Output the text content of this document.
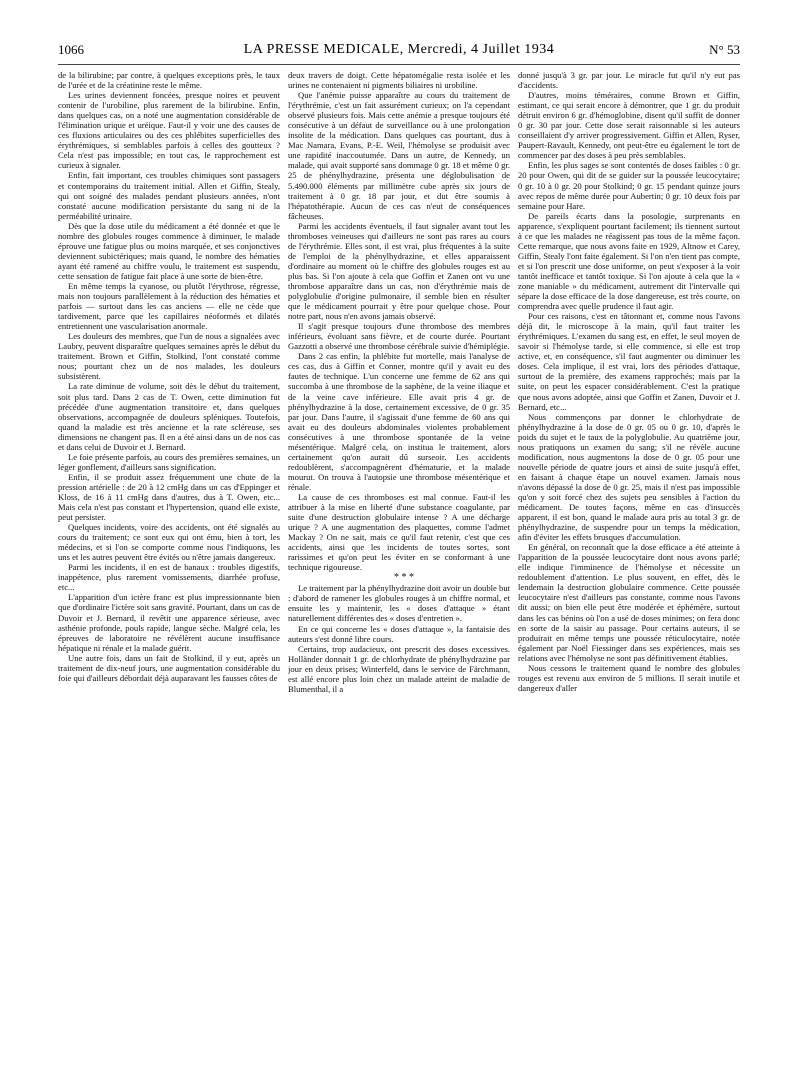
1066	LA PRESSE MEDICALE, Mercredi, 4 Juillet 1934	N° 53

de la bilirubine; par contre, à quelques exceptions près, le taux de l'urée et de la créatinine reste le même.

Les urines deviennent foncées, presque noires et peuvent contenir de l'urobiline, plus rarement de la bilirubine. Enfin, dans quelques cas, on a noté une augmentation considérable de l'élimination urique et uréique. Faut-il y voir une des causes de ces fluxions articulaires ou des ces phlébites superficielles des érythrémiques, si semblables parfois à celles des goutteux ? Cela n'est pas impossible; en tout cas, le rapprochement est curieux à signaler.

Enfin, fait important, ces troubles chimiques sont passagers et contemporains du traitement initial. Allen et Giffin, Stealy, qui ont soigné des malades pendant plusieurs années, n'ont constaté aucune modification persistante du sang ni de la perméabilité urinaire.

Dès que la dose utile du médicament a été donnée et que le nombre des globules rouges commence à diminuer, le malade éprouve une fatigue plus ou moins marquée, et ses conjonctives deviennent subictériques; mais quand, le nombre des hématies ayant été ramené au chiffre voulu, le traitement est suspendu, cette sensation de fatigue fait place à une sorte de bien-être.

En même temps la cyanose, ou plutôt l'érythrose, régresse, mais non toujours parallèlement à la réduction des hématies et parfois — surtout dans les cas anciens — elle ne cède que tardivement, parce que les capillaires néoformés et dilatés entretiennent une vascularisation anormale.

Les douleurs des membres, que l'un de nous a signalées avec Laubry, peuvent disparaître quelques semaines après le début du traitement. Brown et Giffin, Stolkind, l'ont constaté comme nous; pourtant chez un de nos malades, les douleurs subsistèrent.

La rate diminue de volume, soit dès le début du traitement, soit plus tard. Dans 2 cas de T. Owen, cette diminution fut précédée d'une augmentation transitoire et, dans quelques observations, accompagnée de douleurs spléniques. Toutefois, quand la maladie est très ancienne et la rate scléreuse, ses dimensions ne changent pas. Il en a été ainsi dans un de nos cas et dans celui de Duvoir et J. Bernard.

Le foie présente parfois, au cours des premières semaines, un léger gonflement, d'ailleurs sans signification.

Enfin, il se produit assez fréquemment une chute de la pression artérielle : de 20 à 12 cmHg dans un cas d'Eppinger et Kloss, de 16 à 11 cmHg dans d'autres, dus à T. Owen, etc... Mais cela n'est pas constant et l'hypertension, quand elle existe, peut persister.

Quelques incidents, voire des accidents, ont été signalés au cours du traitement; ce sont eux qui ont ému, bien à tort, les médecins, et si l'on se comporte comme nous l'indiquons, les uns et les autres peuvent être évités ou n'être jamais dangereux.

Parmi les incidents, il en est de banaux : troubles digestifs, inappétence, plus rarement vomissements, diarrhée profuse, etc...

L'apparition d'un ictère franc est plus impressionnante bien que d'ordinaire l'ictère soit sans gravité. Pourtant, dans un cas de Duvoir et J. Bernard, il revêtit une apparence sérieuse, avec asthénie profonde, pouls rapide, langue sèche. Malgré cela, les épreuves de laboratoire ne révélèrent aucune insuffisance hépatique ni rénale et la malade guérit.

Une autre fois, dans un fait de Stolkind, il y eut, après un traitement de dix-neuf jours, une augmentation considérable du foie qui d'ailleurs débordait déjà auparavant les fausses côtes de

deux travers de doigt. Cette hépatomégalie resta isolée et les urines ne contenaient ni pigments biliaires ni urobiline.

Que l'anémie puisse apparaître au cours du traitement de l'érythrémie, c'est un fait assurément curieux; on l'a cependant observé plusieurs fois. Mais cette anémie a presque toujours été consécutive à un défaut de surveillance ou à une prolongation insolite de la médication. Dans quelques cas pourtant, dus à Mac Namara, Evans, P.-E. Weil, l'hémolyse se produisit avec une rapidité inaccoutumée. Dans un autre, de Kennedy, un malade, qui avait supporté sans dommage 0 gr. 18 et même 0 gr. 25 de phénylhydrazine, présenta une déglobulisation de 5.490.000 éléments par millimètre cube après six jours de traitement à 0 gr. 18 par jour, et dut être soumis à l'hépatothérapie. Aucun de ces cas n'eut de conséquences fâcheuses.

Parmi les accidents éventuels, il faut signaler avant tout les thromboses veineuses qui d'ailleurs ne sont pas rares au cours de l'érythrémie. Elles sont, il est vrai, plus fréquentes à la suite de l'emploi de la phénylhydrazine, et elles apparaissent d'ordinaire au moment où le chiffre des globules rouges est au plus bas. Si l'on ajoute à cela que Goffin et Zanen ont vu une thrombose apparaître dans un cas, non d'érythrémie mais de polyglobulie d'origine pulmonaire, il semble bien en résulter que le médicament pourrait y être pour quelque chose. Pour notre part, nous n'en avons jamais observé.

Il s'agit presque toujours d'une thrombose des membres inférieurs, évoluant sans fièvre, et de courte durée. Pourtant Gazzotti a observé une thrombose cérébrale suivie d'hémiplégie.

Dans 2 cas enfin, la phlébite fut mortelle, mais l'analyse de ces cas, dus à Giffin et Conner, montre qu'il y avait eu des fautes de technique. L'un concerne une femme de 62 ans qui succomba à une thrombose de la saphène, de la veine iliaque et de la veine cave inférieure. Elle avait pris 4 gr. de phénylhydrazine à la dose, certainement excessive, de 0 gr. 35 par jour. Dans l'autre, il s'agissait d'une femme de 60 ans qui avait eu des douleurs abdominales violentes probablement consécutives à une thrombose spontanée de la veine mésentérique. Malgré cela, on institua le traitement, alors certainement qu'on aurait dû surseoir. Les accidents redoublèrent, s'accompagnèrent d'hématurie, et la malade mourut. On trouva à l'autopsie une thrombose mésentérique et rénale.

La cause de ces thromboses est mal connue. Faut-il les attribuer à la mise en liberté d'une substance coagulante, par suite d'une destruction globulaire intense ? A une décharge urique ? A une augmentation des plaquettes, comme l'admet Mackay ? On ne sait, mais ce qu'il faut retenir, c'est que ces accidents, ainsi que les incidents de toutes sortes, sont rarissimes et qu'on peut les éviter en se conformant à une technique rigoureuse.

* * *

Le traitement par la phénylhydrazine doit avoir un double but : d'abord de ramener les globules rouges à un chiffre normal, et ensuite les y maintenir, les « doses d'attaque » étant naturellement différentes des « doses d'entretien ».

En ce qui concerne les « doses d'attaque », la fantaisie des auteurs s'est donné libre cours.

Certains, trop audacieux, ont prescrit des doses excessives. Holländer donnait 1 gr. de chlorhydrate de phénylhydrazine par jour en deux prises; Winterfeld, dans le service de Färchmann, est allé encore plus loin chez un malade atteint de maladie de Blumenthal, il a

donné jusqu'à 3 gr. par jour. Le miracle fut qu'il n'y eut pas d'accidents.

D'autres, moins téméraires, comme Brown et Giffin, estimant, ce qui serait encore à démontrer, que 1 gr. du produit détruit environ 6 gr. d'hémoglobine, disent qu'il suffit de donner 0 gr. 30 par jour. Cette dose serait raisonnable si les auteurs conseillaient d'y arriver progressivement. Giffin et Allen, Ryser, Paupert-Ravault, Kennedy, ont peut-être eu également le tort de commencer par des doses à peu près semblables.

Enfin, les plus sages se sont contentés de doses faibles : 0 gr. 20 pour Owen, qui dit de se guider sur la poussée leucocytaire; 0 gr. 10 à 0 gr. 20 pour Stolkind; 0 gr. 15 pendant quinze jours avec repos de même durée pour Aubertin; 0 gr. 10 deux fois par semaine pour Hare.

De pareils écarts dans la posologie, surprenants en apparence, s'expliquent pourtant facilement; ils tiennent surtout à ce que les malades ne réagissent pas tous de la même façon. Cette remarque, que nous avons faite en 1929, Altnow et Carey, Giffin, Stealy l'ont faite également. Si l'on n'en tient pas compte, et si l'on prescrit une dose uniforme, on peut s'exposer à la voir tantôt inefficace et tantôt toxique. Si l'on ajoute à cela que la « zone maniable » du médicament, autrement dit l'intervalle qui sépare la dose efficace de la dose dangereuse, est très courte, on comprendra avec quelle prudence il faut agir.

Pour ces raisons, c'est en tâtonnant et, comme nous l'avons déjà dit, le microscope à la main, qu'il faut traiter les érythrémiques. L'examen du sang est, en effet, le seul moyen de savoir si l'hémolyse tarde, si elle commence, si elle est trop active, et, en conséquence, s'il faut augmenter ou diminuer les doses. Cela implique, il est vrai, lors des périodes d'attaque, surtout de la première, des examens rapprochés; mais par la suite, on peut les espacer considérablement. C'est la pratique que nous avons adoptée, ainsi que Goffin et Zanen, Duvoir et J. Bernard, etc...

Nous commençons par donner le chlorhydrate de phénylhydrazine à la dose de 0 gr. 05 ou 0 gr. 10, d'après le poids du sujet et le taux de la polyglobulie. Au quatrième jour, nous pratiquons un examen du sang; s'il ne révèle aucune modification, nous augmentons la dose de 0 gr. 05 pour une nouvelle période de quatre jours et ainsi de suite jusqu'à effet, en faisant à chaque étape un nouvel examen. Jamais nous n'avons dépassé la dose de 0 gr. 25, mais il n'est pas impossible qu'on y soit forcé chez des sujets peu sensibles à l'action du médicament. De toutes façons, même en cas d'insuccès apparent, il est bon, quand le malade aura pris au total 3 gr. de phénylhydrazine, de suspendre pour un temps la médication, afin d'éviter les effets brusques d'accumulation.

En général, on reconnaît que la dose efficace a été atteinte à l'apparition de la poussée leucocytaire dont nous avons parlé; elle indique l'imminence de l'hémolyse et nécessite un redoublement d'attention. Le plus souvent, en effet, dès le lendemain la destruction globulaire commence. Cette poussée leucocytaire n'est d'ailleurs pas constante, comme nous l'avons dit aussi; on bien elle peut être modérée et éphémère, surtout dans les cas bénins où l'on a usé de doses minimes; on fera donc en sorte de la saisir au passage. Pour certains auteurs, il se produirait en même temps une poussée réticulocytaire, notée également par Noël Fiessinger dans ses expériences, mais ses relations avec l'hémolyse ne sont pas définitivement établies.

Nous cessons le traitement quand le nombre des globules rouges est revenu aux environ de 5 millions. Il serait inutile et dangereux d'aller
